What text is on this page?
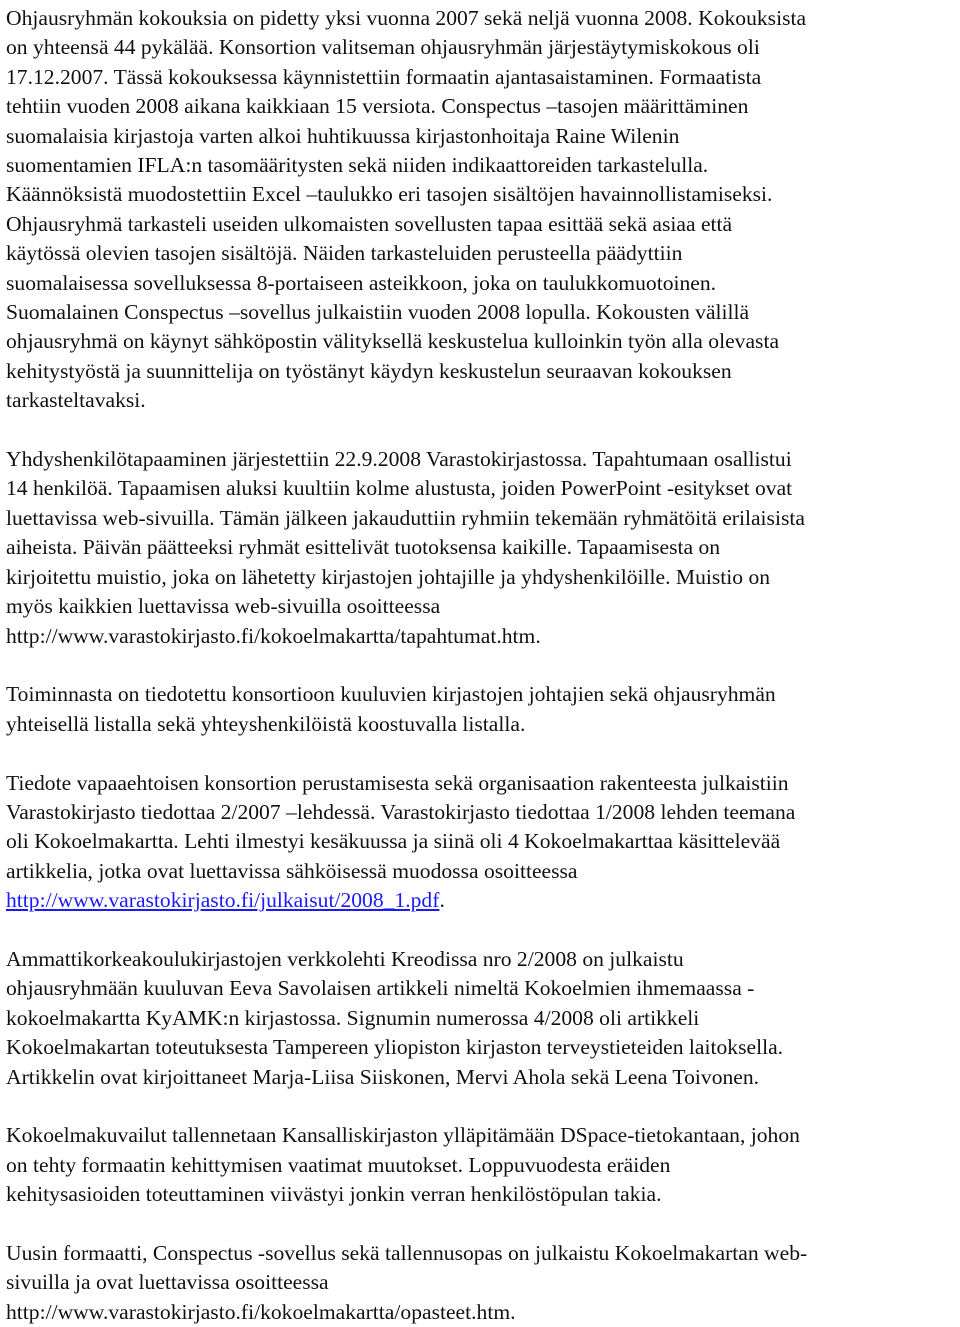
Ohjausryhmän kokouksia on pidetty yksi vuonna 2007 sekä neljä vuonna 2008. Kokouksista
on yhteensä 44 pykälää. Konsortion valitseman ohjausryhmän järjestäytymiskokous oli
17.12.2007. Tässä kokouksessa käynnistettiin formaatin ajantasaistaminen. Formaatista
tehtiin vuoden 2008 aikana kaikkiaan 15 versiota. Conspectus –tasojen määrittäminen
suomalaisia kirjastoja varten alkoi huhtikuussa kirjastonhoitaja Raine Wilenin
suomentamien IFLA:n tasomääritysten sekä niiden indikaattoreiden tarkastelulla.
Käännöksistä muodostettiin Excel –taulukko eri tasojen sisältöjen havainnollistamiseksi.
Ohjausryhmä tarkasteli useiden ulkomaisten sovellusten tapaa esittää sekä asiaa että
käytössä olevien tasojen sisältöjä. Näiden tarkasteluiden perusteella päädyttiin
suomalaisessa sovelluksessa 8-portaiseen asteikkoon, joka on taulukkomuotoinen.
Suomalainen Conspectus –sovellus julkaistiin vuoden 2008 lopulla. Kokousten välillä
ohjausryhmä on käynyt sähköpostin välityksellä keskustelua kulloinkin työn alla olevasta
kehitystyöstä ja suunnittelija on työstänyt käydyn keskustelun seuraavan kokouksen
tarkasteltavaksi.

Yhdyshenkilötapaaminen järjestettiin 22.9.2008 Varastokirjastossa. Tapahtumaan osallistui
14 henkilöä. Tapaamisen aluksi kuultiin kolme alustusta, joiden PowerPoint -esitykset ovat
luettavissa web-sivuilla. Tämän jälkeen jakauduttiin ryhmiin tekemään ryhmätöitä erilaisista
aiheista. Päivän päätteeksi ryhmät esittelivät tuotoksensa kaikille. Tapaamisesta on
kirjoitettu muistio, joka on lähetetty kirjastojen johtajille ja yhdyshenkilöille. Muistio on
myös kaikkien luettavissa web-sivuilla osoitteessa
http://www.varastokirjasto.fi/kokoelmakartta/tapahtumat.htm.

Toiminnasta on tiedotettu konsortioon kuuluvien kirjastojen johtajien sekä ohjausryhmän
yhteisellä listalla sekä yhteyshenkilöistä koostuvalla listalla.

Tiedote vapaaehtoisen konsortion perustamisesta sekä organisaation rakenteesta julkaistiin
Varastokirjasto tiedottaa 2/2007 –lehdessä. Varastokirjasto tiedottaa 1/2008 lehden teemana
oli Kokoelmakartta. Lehti ilmestyi kesäkuussa ja siinä oli 4 Kokoelmakarttaa käsittelevää
artikkelia, jotka ovat luettavissa sähköisessä muodossa osoitteessa
http://www.varastokirjasto.fi/julkaisut/2008_1.pdf.

Ammattikorkeakoulukirjastojen verkkolehti Kreodissa nro 2/2008 on julkaistu
ohjausryhmään kuuluvan Eeva Savolaisen artikkeli nimeltä Kokoelmien ihmemaassa -
kokoelmakartta KyAMK:n kirjastossa. Signumin numerossa 4/2008 oli artikkeli
Kokoelmakartan toteutuksesta Tampereen yliopiston kirjaston terveystieteiden laitoksella.
Artikkelin ovat kirjoittaneet Marja-Liisa Siiskonen, Mervi Ahola sekä Leena Toivonen.

Kokoelmakuvailut tallennetaan Kansalliskirjaston ylläpitämään DSpace-tietokantaan, johon
on tehty formaatin kehittymisen vaatimat muutokset. Loppuvuodesta eräiden
kehitysasioiden toteuttaminen viivästyi jonkin verran henkilöstöpulan takia.

Uusin formaatti, Conspectus -sovellus sekä tallennusopas on julkaistu Kokoelmakartan web-
sivuilla ja ovat luettavissa osoitteessa
http://www.varastokirjasto.fi/kokoelmakartta/opasteet.htm.
